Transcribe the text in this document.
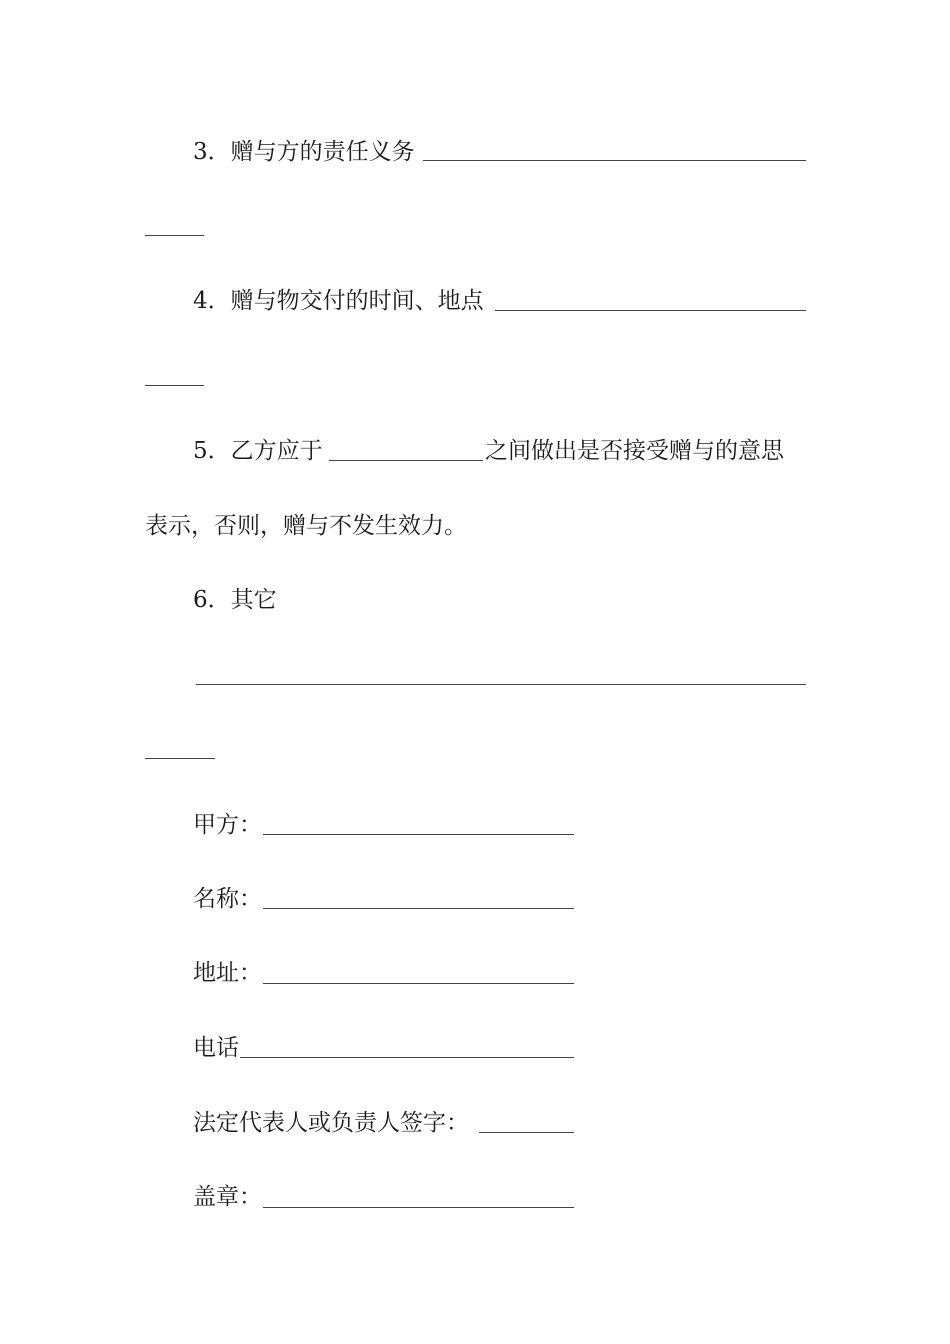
3．赠与方的责任义务
4．赠与物交付的时间、地点
5．乙方应于	之间做出是否接受赠与的意思
表示，否则，赠与不发生效力。
6．其它
甲方：
名称：
地址：
电话
法定代表人或负责人签字：
盖章：
